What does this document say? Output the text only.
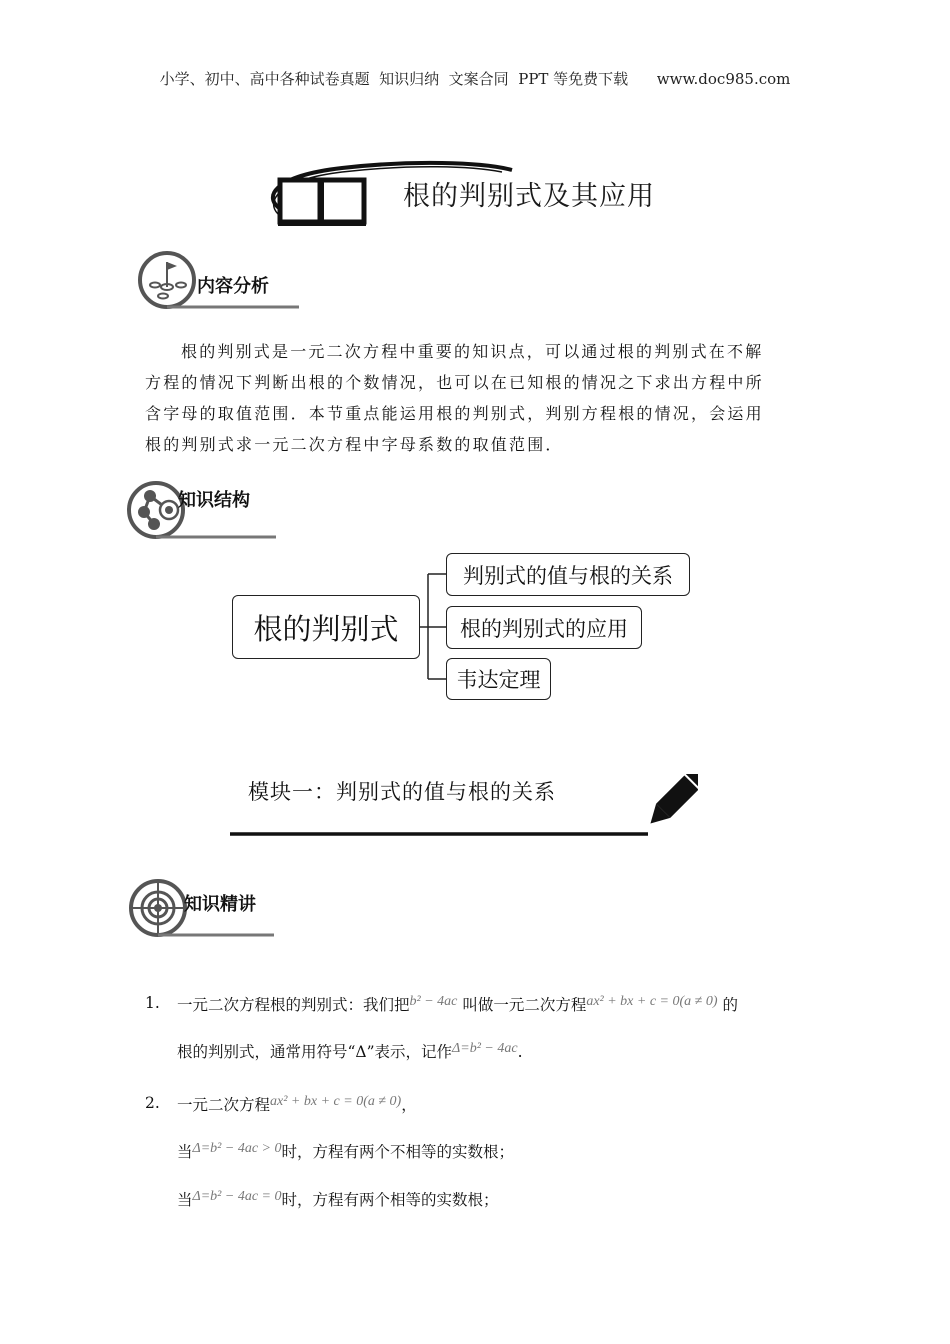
小学、初中、高中各种试卷真题  知识归纳  文案合同  PPT 等免费下载 www.doc985.com
根的判别式及其应用
内容分析

根的判别式是一元二次方程中重要的知识点，可以通过根的判别式在不解

方程的情况下判断出根的个数情况，也可以在已知根的情况之下求出方程中所

含字母的取值范围．本节重点能运用根的判别式，判别方程根的情况，会运用

根的判别式求一元二次方程中字母系数的取值范围．

知识结构
根的判别式
判别式的值与根的关系
根的判别式的应用
韦达定理
模块一：判别式的值与根的关系
知识精讲
1. 一元二次方程根的判别式：我们把b² − 4ac 叫做一元二次方程ax² + bx + c = 0(a ≠ 0) 的
根的判别式，通常用符号“Δ”表示，记作Δ=b² − 4ac.
2. 一元二次方程ax² + bx + c = 0(a ≠ 0)，
当Δ=b² − 4ac > 0时，方程有两个不相等的实数根；
当Δ=b² − 4ac = 0时，方程有两个相等的实数根；
